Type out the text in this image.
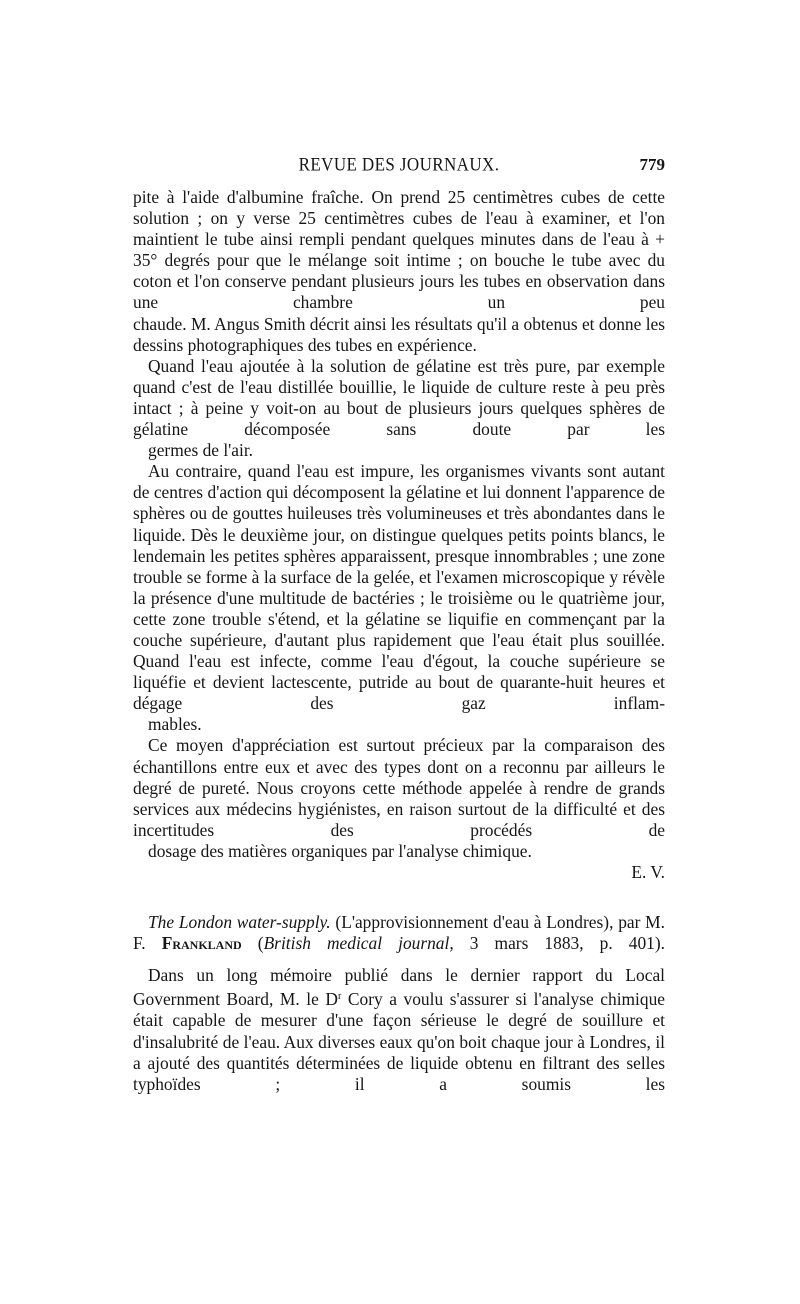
REVUE DES JOURNAUX.	779

pite à l'aide d'albumine fraîche. On prend 25 centimètres cubes de cette solution ; on y verse 25 centimètres cubes de l'eau à examiner, et l'on maintient le tube ainsi rempli pendant quelques minutes dans de l'eau à + 35° degrés pour que le mélange soit intime ; on bouche le tube avec du coton et l'on conserve pendant plusieurs jours les tubes en observation dans une chambre un peu
chaude. M. Angus Smith décrit ainsi les résultats qu'il a obtenus et donne les dessins photographiques des tubes en expérience.

Quand l'eau ajoutée à la solution de gélatine est très pure, par exemple quand c'est de l'eau distillée bouillie, le liquide de culture reste à peu près intact ; à peine y voit-on au bout de plusieurs jours quelques sphères de gélatine décomposée sans doute par les
germes de l'air.

Au contraire, quand l'eau est impure, les organismes vivants sont autant de centres d'action qui décomposent la gélatine et lui donnent l'apparence de sphères ou de gouttes huileuses très volumineuses et très abondantes dans le liquide. Dès le deuxième jour, on distingue quelques petits points blancs, le lendemain les petites sphères apparaissent, presque innombrables ; une zone trouble se forme à la surface de la gelée, et l'examen microscopique y révèle la présence d'une multitude de bactéries ; le troisième ou le quatrième jour, cette zone trouble s'étend, et la gélatine se liquifie en commençant par la couche supérieure, d'autant plus rapidement que l'eau était plus souillée. Quand l'eau est infecte, comme l'eau d'égout, la couche supérieure se liquéfie et devient lactescente, putride au bout de quarante-huit heures et dégage des gaz inflam-
mables.

Ce moyen d'appréciation est surtout précieux par la comparaison des échantillons entre eux et avec des types dont on a reconnu par ailleurs le degré de pureté. Nous croyons cette méthode appelée à rendre de grands services aux médecins hygiénistes, en raison surtout de la difficulté et des incertitudes des procédés de
dosage des matières organiques par l'analyse chimique.

E. V.

The London water-supply. (L'approvisionnement d'eau à Londres), par M. F. Frankland (British medical journal, 3 mars 1883, p. 401).

Dans un long mémoire publié dans le dernier rapport du Local Government Board, M. le $D^r$ Cory a voulu s'assurer si l'analyse chimique était capable de mesurer d'une façon sérieuse le degré de souillure et d'insalubrité de l'eau. Aux diverses eaux qu'on boit chaque jour à Londres, il a ajouté des quantités déterminées de liquide obtenu en filtrant des selles typhoïdes ; il a soumis les
